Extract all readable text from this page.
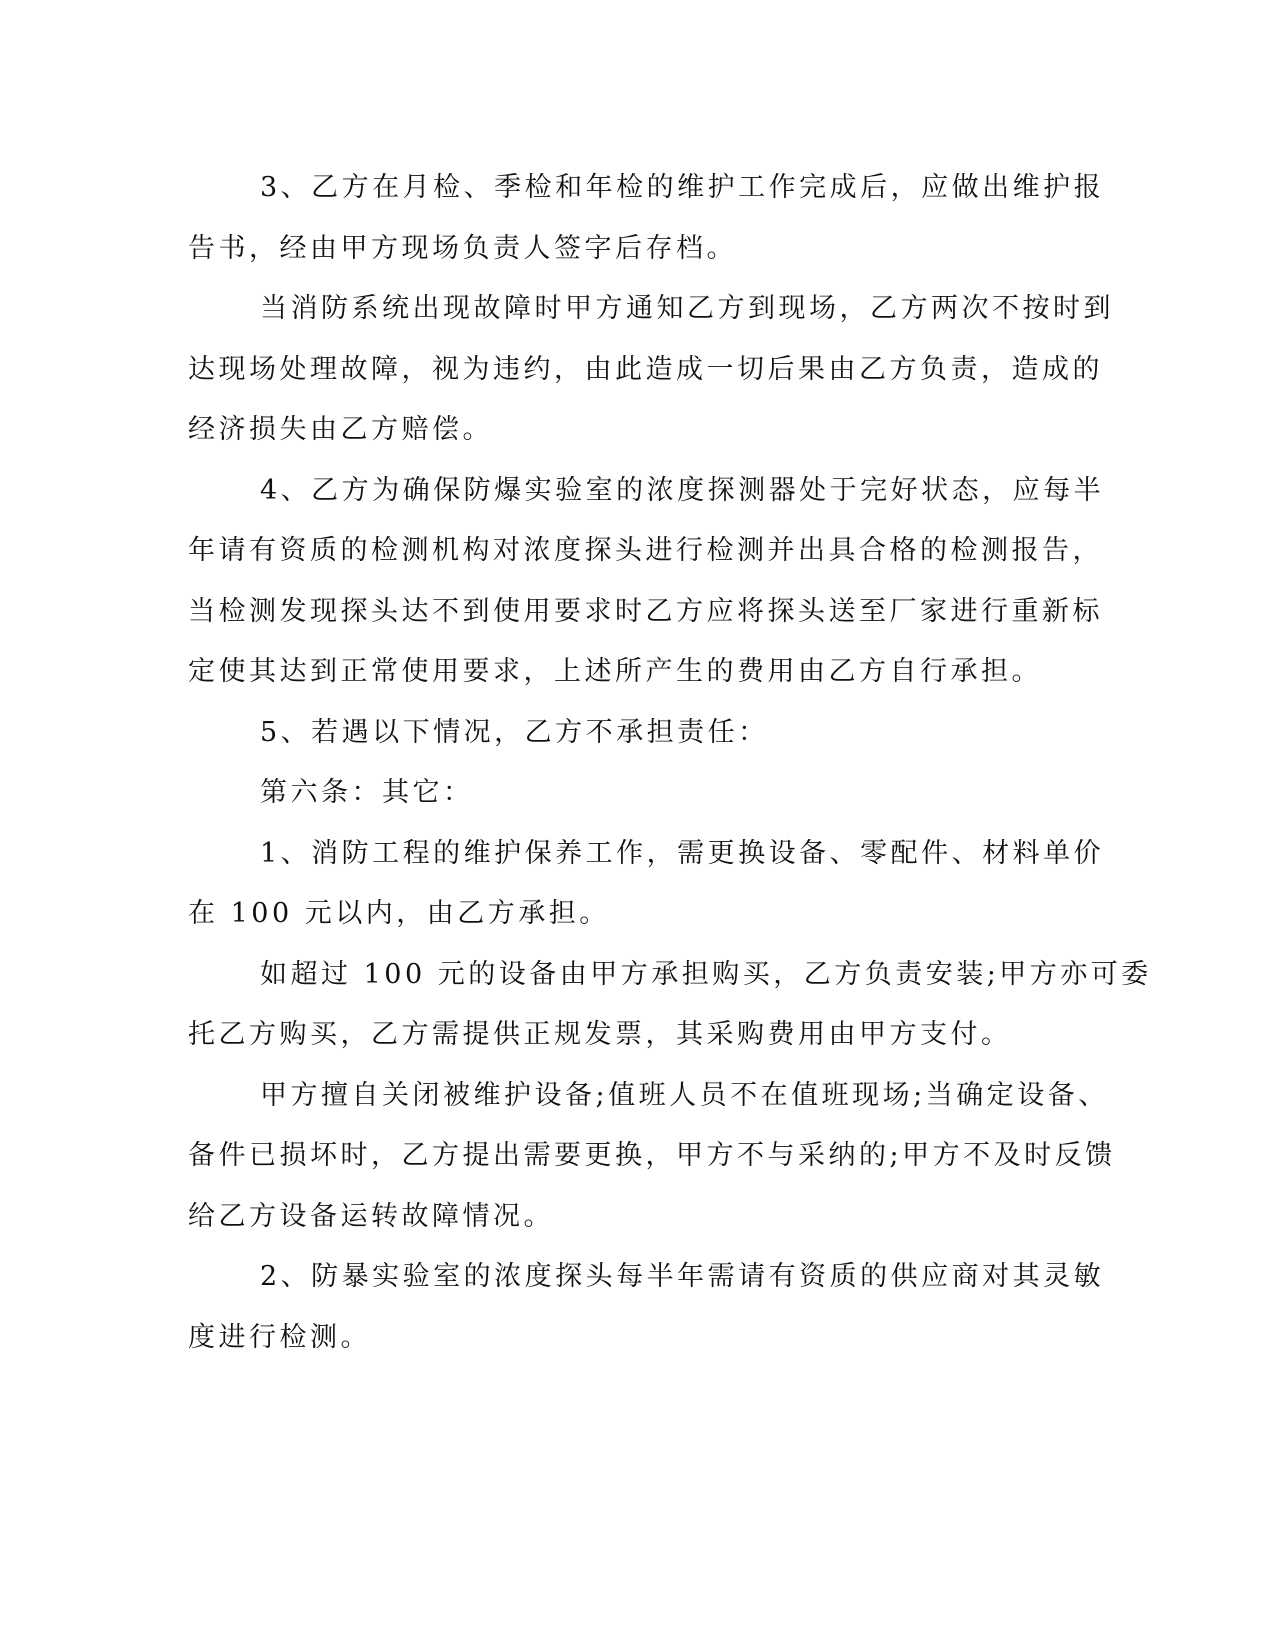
3、乙方在月检、季检和年检的维护工作完成后，应做出维护报
告书，经由甲方现场负责人签字后存档。

当消防系统出现故障时甲方通知乙方到现场，乙方两次不按时到
达现场处理故障，视为违约，由此造成一切后果由乙方负责，造成的
经济损失由乙方赔偿。

4、乙方为确保防爆实验室的浓度探测器处于完好状态，应每半
年请有资质的检测机构对浓度探头进行检测并出具合格的检测报告，
当检测发现探头达不到使用要求时乙方应将探头送至厂家进行重新标
定使其达到正常使用要求，上述所产生的费用由乙方自行承担。

5、若遇以下情况，乙方不承担责任：

第六条：其它：

1、消防工程的维护保养工作，需更换设备、零配件、材料单价
在 100 元以内，由乙方承担。

如超过 100 元的设备由甲方承担购买，乙方负责安装;甲方亦可委
托乙方购买，乙方需提供正规发票，其采购费用由甲方支付。

甲方擅自关闭被维护设备;值班人员不在值班现场;当确定设备、
备件已损坏时，乙方提出需要更换，甲方不与采纳的;甲方不及时反馈
给乙方设备运转故障情况。

2、防暴实验室的浓度探头每半年需请有资质的供应商对其灵敏
度进行检测。
